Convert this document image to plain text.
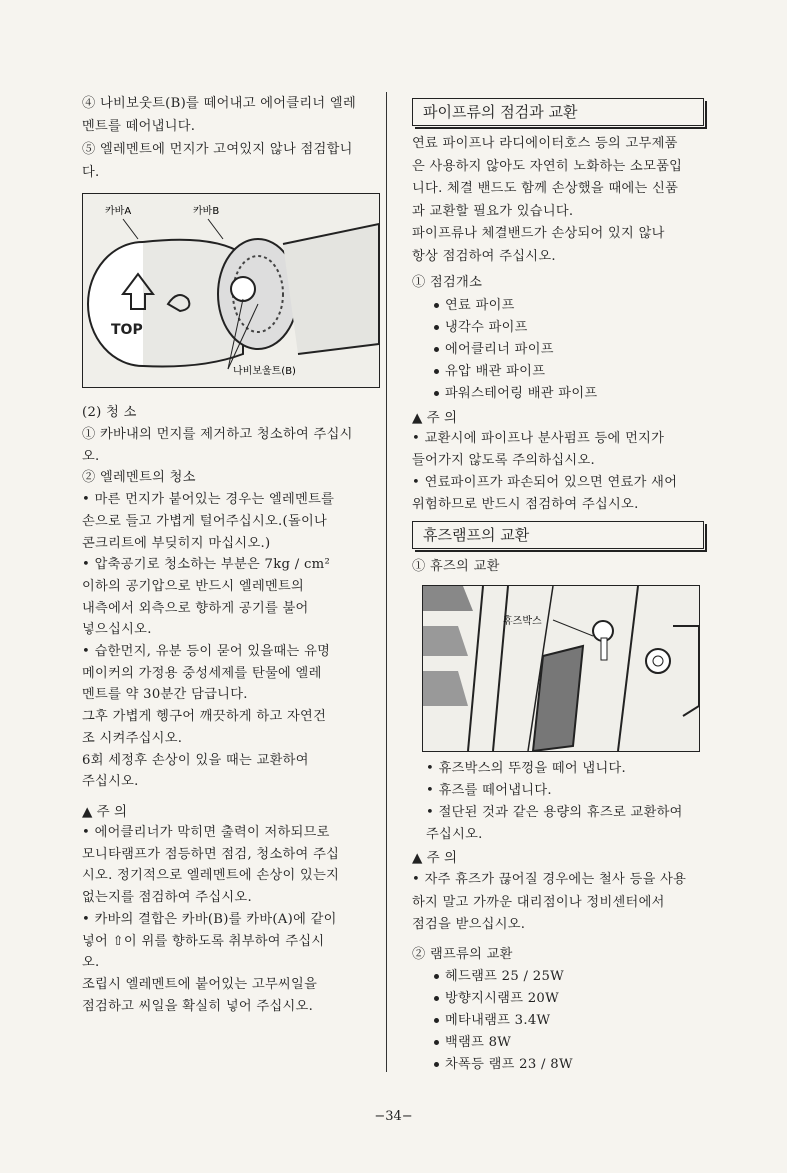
④ 나비보웃트(B)를 떼어내고 에어클리너 엘레
멘트를 떼어냅니다.
⑤ 엘레멘트에 먼지가 고여있지 않나 점검합니
다.
TOP
카바A	카바B
나비보울트(B)
(2) 청 소
① 카바내의 먼지를 제거하고 청소하여 주십시
오.
② 엘레멘트의 청소
• 마른 먼지가 붙어있는 경우는 엘레멘트를
손으로 들고 가볍게 털어주십시오.(돌이나
콘크리트에 부딪히지 마십시오.)
• 압축공기로 청소하는 부분은 7kg / cm²
이하의 공기압으로 반드시 엘레멘트의
내측에서 외측으로 향하게 공기를 불어
넣으십시오.
• 습한먼지, 유분 등이 묻어 있을때는 유명
메이커의 가정용 중성세제를 탄물에 엘레
멘트를 약 30분간 담급니다.
그후 가볍게 헹구어 깨끗하게 하고 자연건
조 시켜주십시오.
6회 세정후 손상이 있을 때는 교환하여
주십시오.
▲ 주 의
• 에어클리너가 막히면 출력이 저하되므로
모니타램프가 점등하면 점검, 청소하여 주십
시오. 정기적으로 엘레멘트에 손상이 있는지
없는지를 점검하여 주십시오.
• 카바의 결합은 카바(B)를 카바(A)에 같이
넣어 ⇧이 위를 향하도록 취부하여 주십시
오.
조립시 엘레멘트에 붙어있는 고무씨일을
점검하고 씨일을 확실히 넣어 주십시오.
파이프류의 점검과 교환
연료 파이프나 라디에이터호스 등의 고무제품
은 사용하지 않아도 자연히 노화하는 소모품입
니다. 체결 밴드도 함께 손상했을 때에는 신품
과 교환할 필요가 있습니다.
파이프류나 체결밴드가 손상되어 있지 않나
항상 점검하여 주십시오.
① 점검개소
연료 파이프
냉각수 파이프
에어클리너 파이프
유압 배관 파이프
파워스테어링 배관 파이프
▲ 주 의
• 교환시에 파이프나 분사펌프 등에 먼지가
들어가지 않도록 주의하십시오.
• 연료파이프가 파손되어 있으면 연료가 새어
위험하므로 반드시 점검하여 주십시오.
휴즈램프의 교환
① 휴즈의 교환
휴즈박스
• 휴즈박스의 뚜껑을 떼어 냅니다.
• 휴즈를 떼어냅니다.
• 절단된 것과 같은 용량의 휴즈로 교환하여
주십시오.
▲ 주 의
• 자주 휴즈가 끊어질 경우에는 철사 등을 사용
하지 말고 가까운 대리점이나 정비센터에서
점검을 받으십시오.
② 램프류의 교환
헤드램프 25 / 25W
방향지시램프 20W
메타내램프 3.4W
백램프 8W
차폭등 램프 23 / 8W
−34−
